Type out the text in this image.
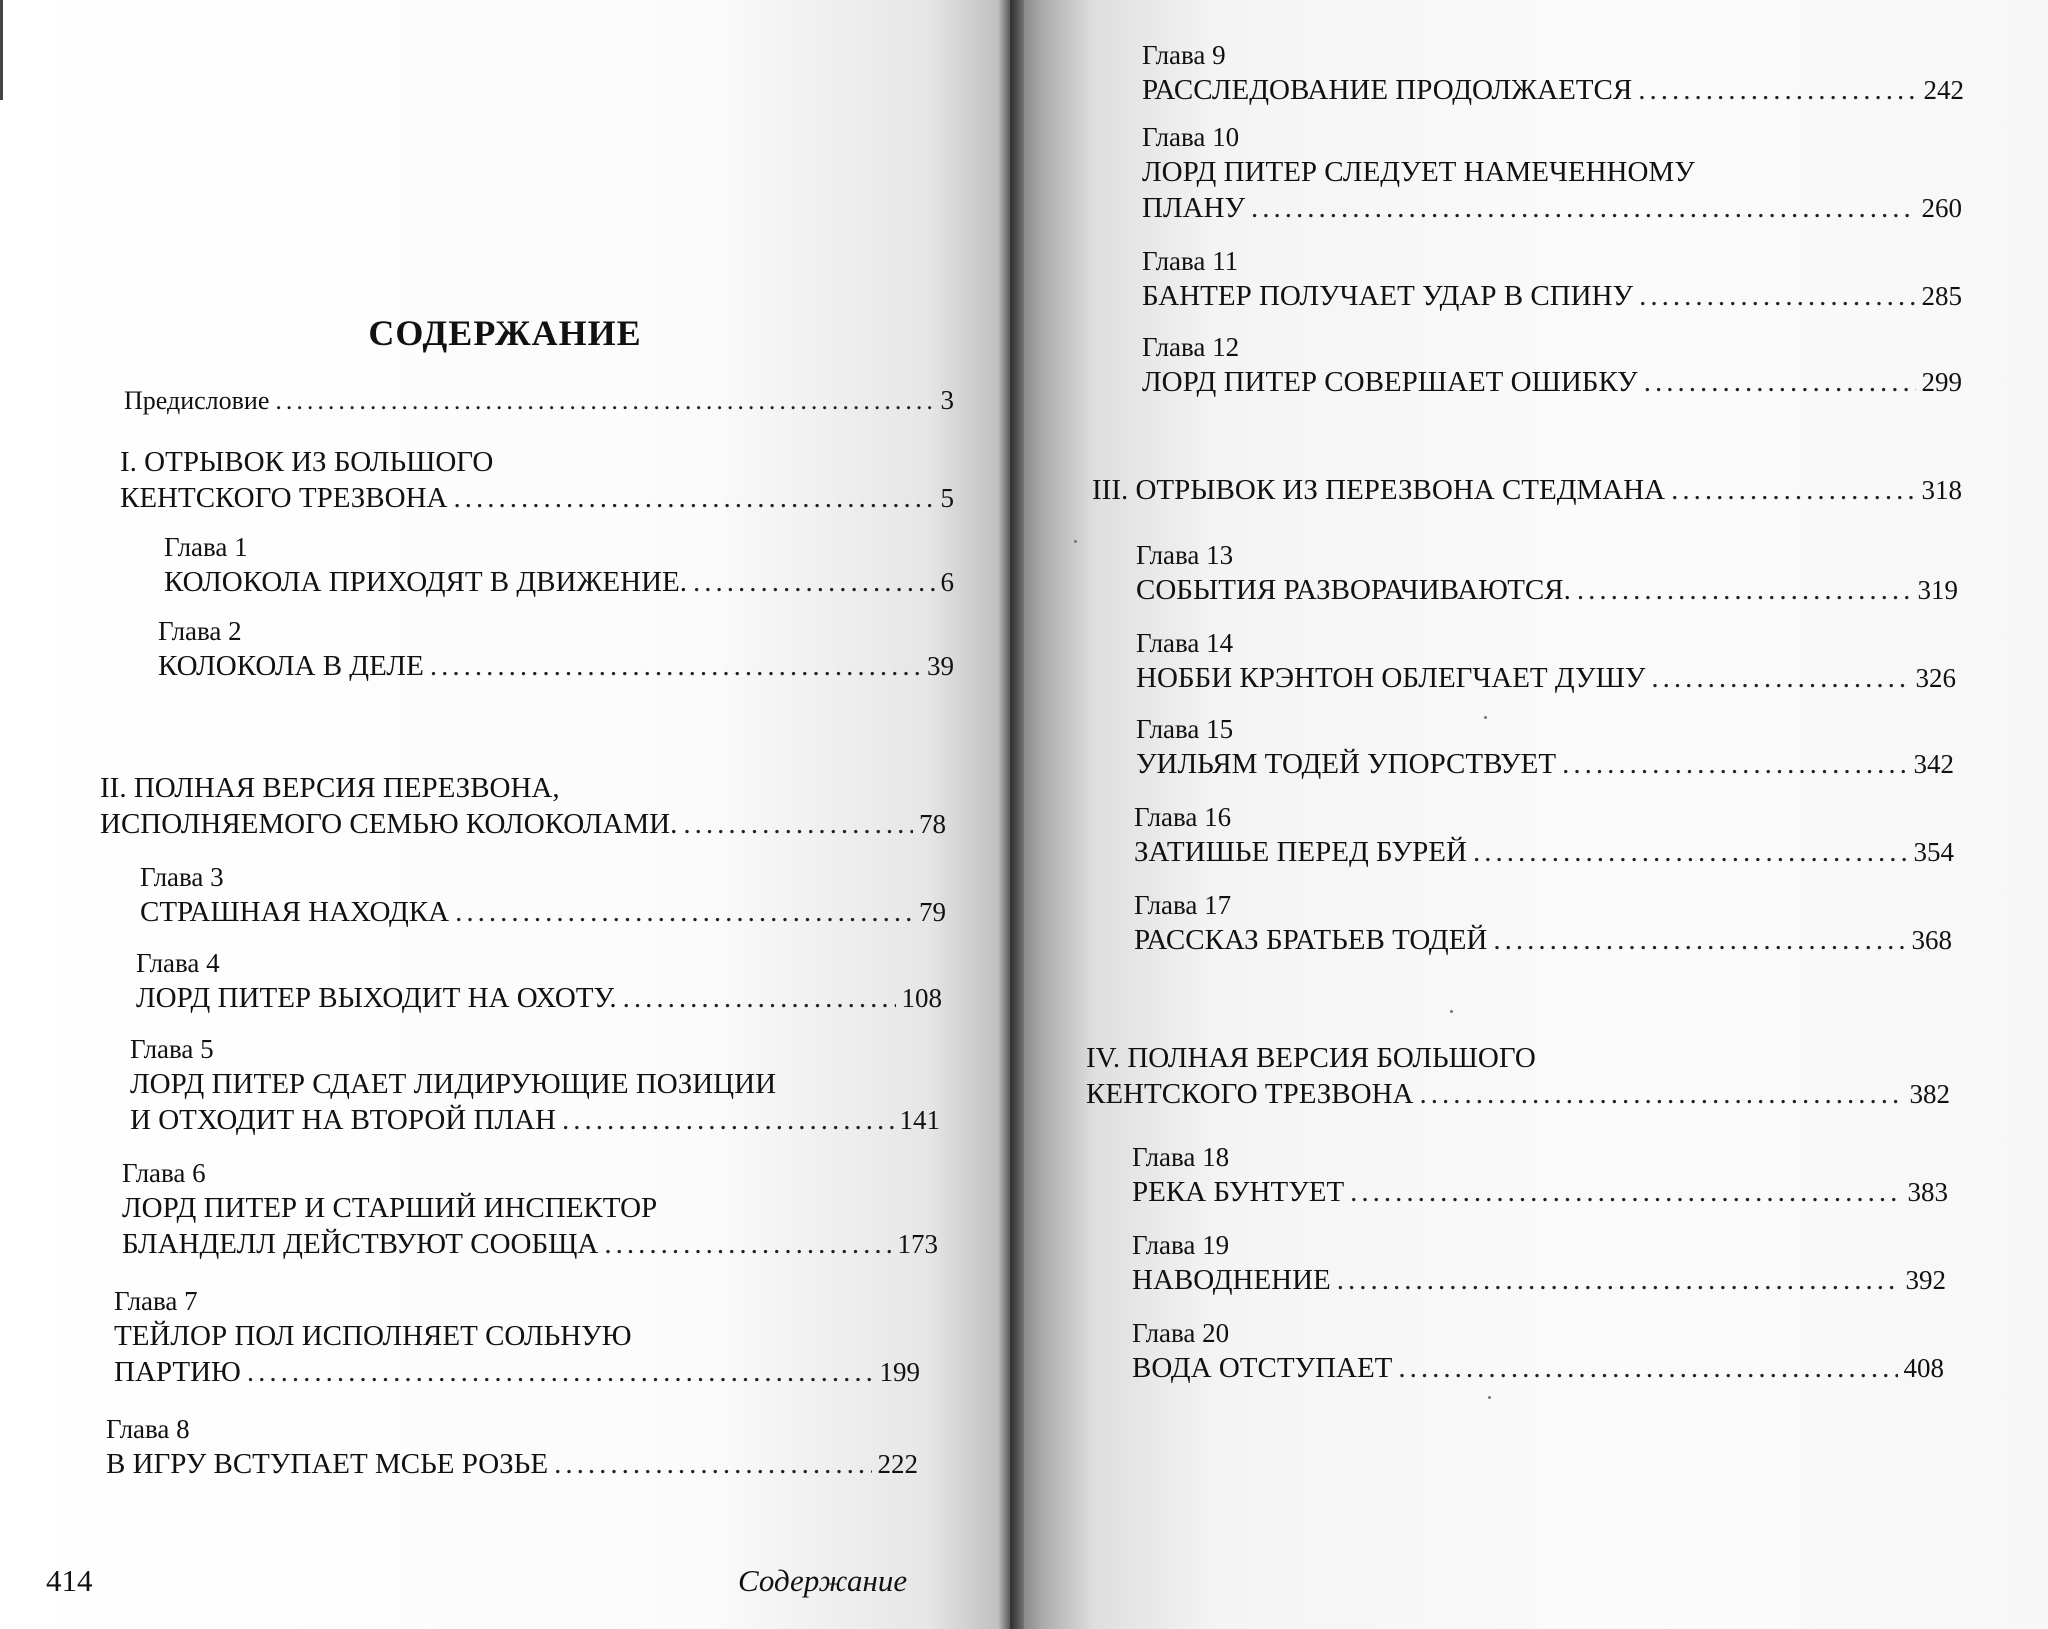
СОДЕРЖАНИЕ
Предисловие .....	3
I. ОТРЫВОК ИЗ БОЛЬШОГО
КЕНТСКОГО ТРЕЗВОНА .....	5
Глава 1
КОЛОКОЛА ПРИХОДЯТ В ДВИЖЕНИЕ. .....	6
Глава 2
КОЛОКОЛА В ДЕЛЕ .....	39
II. ПОЛНАЯ ВЕРСИЯ ПЕРЕЗВОНА,
ИСПОЛНЯЕМОГО СЕМЬЮ КОЛОКОЛАМИ. .....	78
Глава 3
СТРАШНАЯ НАХОДКА .....	79
Глава 4
ЛОРД ПИТЕР ВЫХОДИТ НА ОХОТУ. .....	108
Глава 5
ЛОРД ПИТЕР СДАЕТ ЛИДИРУЮЩИЕ ПОЗИЦИИ
И ОТХОДИТ НА ВТОРОЙ ПЛАН .....	141
Глава 6
ЛОРД ПИТЕР И СТАРШИЙ ИНСПЕКТОР
БЛАНДЕЛЛ ДЕЙСТВУЮТ СООБЩА .....	173
Глава 7
ТЕЙЛОР ПОЛ ИСПОЛНЯЕТ СОЛЬНУЮ
ПАРТИЮ .....	199
Глава 8
В ИГРУ ВСТУПАЕТ МСЬЕ РОЗЬЕ .....	222
414	Содержание
Глава 9
РАССЛЕДОВАНИЕ ПРОДОЛЖАЕТСЯ .....	242
Глава 10
ЛОРД ПИТЕР СЛЕДУЕТ НАМЕЧЕННОМУ
ПЛАНУ .....	260
Глава 11
БАНТЕР ПОЛУЧАЕТ УДАР В СПИНУ .....	285
Глава 12
ЛОРД ПИТЕР СОВЕРШАЕТ ОШИБКУ .....	299
III. ОТРЫВОК ИЗ ПЕРЕЗВОНА СТЕДМАНА .....	318
Глава 13
СОБЫТИЯ РАЗВОРАЧИВАЮТСЯ. .....	319
Глава 14
НОББИ КРЭНТОН ОБЛЕГЧАЕТ ДУШУ .....	326
Глава 15
УИЛЬЯМ ТОДЕЙ УПОРСТВУЕТ .....	342
Глава 16
ЗАТИШЬЕ ПЕРЕД БУРЕЙ .....	354
Глава 17
РАССКАЗ БРАТЬЕВ ТОДЕЙ .....	368
IV. ПОЛНАЯ ВЕРСИЯ БОЛЬШОГО
КЕНТСКОГО ТРЕЗВОНА .....	382
Глава 18
РЕКА БУНТУЕТ .....	383
Глава 19
НАВОДНЕНИЕ .....	392
Глава 20
ВОДА ОТСТУПАЕТ .....	408
